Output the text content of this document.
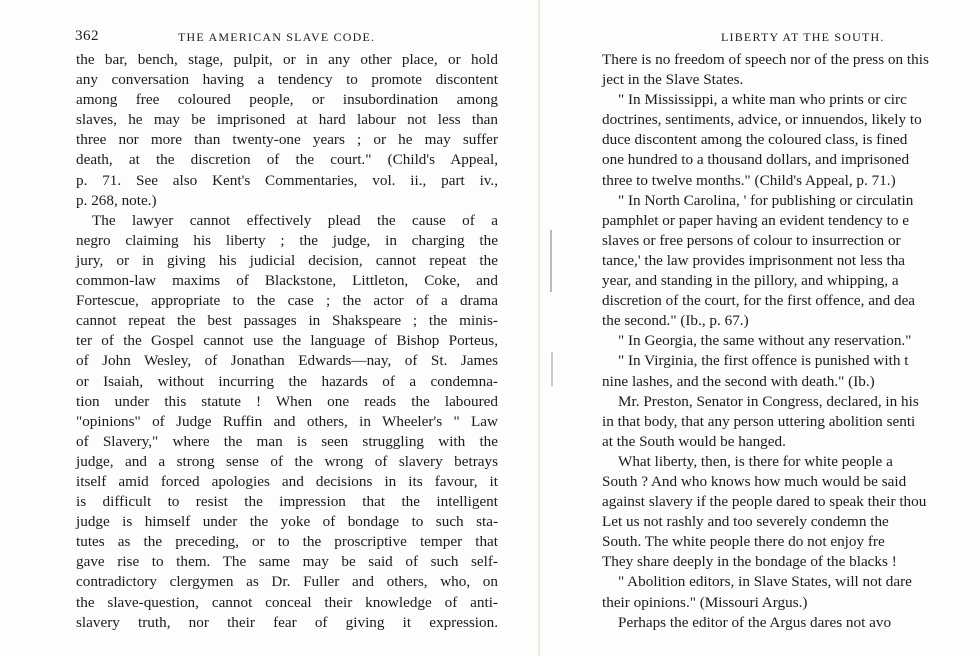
362	THE AMERICAN SLAVE CODE.
the bar, bench, stage, pulpit, or in any other place, or hold
any conversation having a tendency to promote discontent
among free coloured people, or insubordination among
slaves, he may be imprisoned at hard labour not less than
three nor more than twenty-one years ; or he may suffer
death, at the discretion of the court." (Child's Appeal,
p. 71. See also Kent's Commentaries, vol. ii., part iv.,
p. 268, note.)
The lawyer cannot effectively plead the cause of a
negro claiming his liberty ; the judge, in charging the
jury, or in giving his judicial decision, cannot repeat the
common-law maxims of Blackstone, Littleton, Coke, and
Fortescue, appropriate to the case ; the actor of a drama
cannot repeat the best passages in Shakspeare ; the minis-
ter of the Gospel cannot use the language of Bishop Porteus,
of John Wesley, of Jonathan Edwards—nay, of St. James
or Isaiah, without incurring the hazards of a condemna-
tion under this statute ! When one reads the laboured
"opinions" of Judge Ruffin and others, in Wheeler's " Law
of Slavery," where the man is seen struggling with the
judge, and a strong sense of the wrong of slavery betrays
itself amid forced apologies and decisions in its favour, it
is difficult to resist the impression that the intelligent
judge is himself under the yoke of bondage to such sta-
tutes as the preceding, or to the proscriptive temper that
gave rise to them. The same may be said of such self-
contradictory clergymen as Dr. Fuller and others, who, on
the slave-question, cannot conceal their knowledge of anti-
slavery truth, nor their fear of giving it expression.
LIBERTY AT THE SOUTH.
There is no freedom of speech nor of the press on this
ject in the Slave States.
" In Mississippi, a white man who prints or circ
doctrines, sentiments, advice, or innuendos, likely to
duce discontent among the coloured class, is fined
one hundred to a thousand dollars, and imprisoned
three to twelve months." (Child's Appeal, p. 71.)
" In North Carolina, ' for publishing or circulatin
pamphlet or paper having an evident tendency to e
slaves or free persons of colour to insurrection or
tance,' the law provides imprisonment not less tha
year, and standing in the pillory, and whipping, a
discretion of the court, for the first offence, and dea
the second." (Ib., p. 67.)
" In Georgia, the same without any reservation."
" In Virginia, the first offence is punished with t
nine lashes, and the second with death." (Ib.)
Mr. Preston, Senator in Congress, declared, in his
in that body, that any person uttering abolition senti
at the South would be hanged.
What liberty, then, is there for white people a
South ? And who knows how much would be said
against slavery if the people dared to speak their thou
Let us not rashly and too severely condemn the
South. The white people there do not enjoy fre
They share deeply in the bondage of the blacks !
" Abolition editors, in Slave States, will not dare
their opinions." (Missouri Argus.)
Perhaps the editor of the Argus dares not avo
